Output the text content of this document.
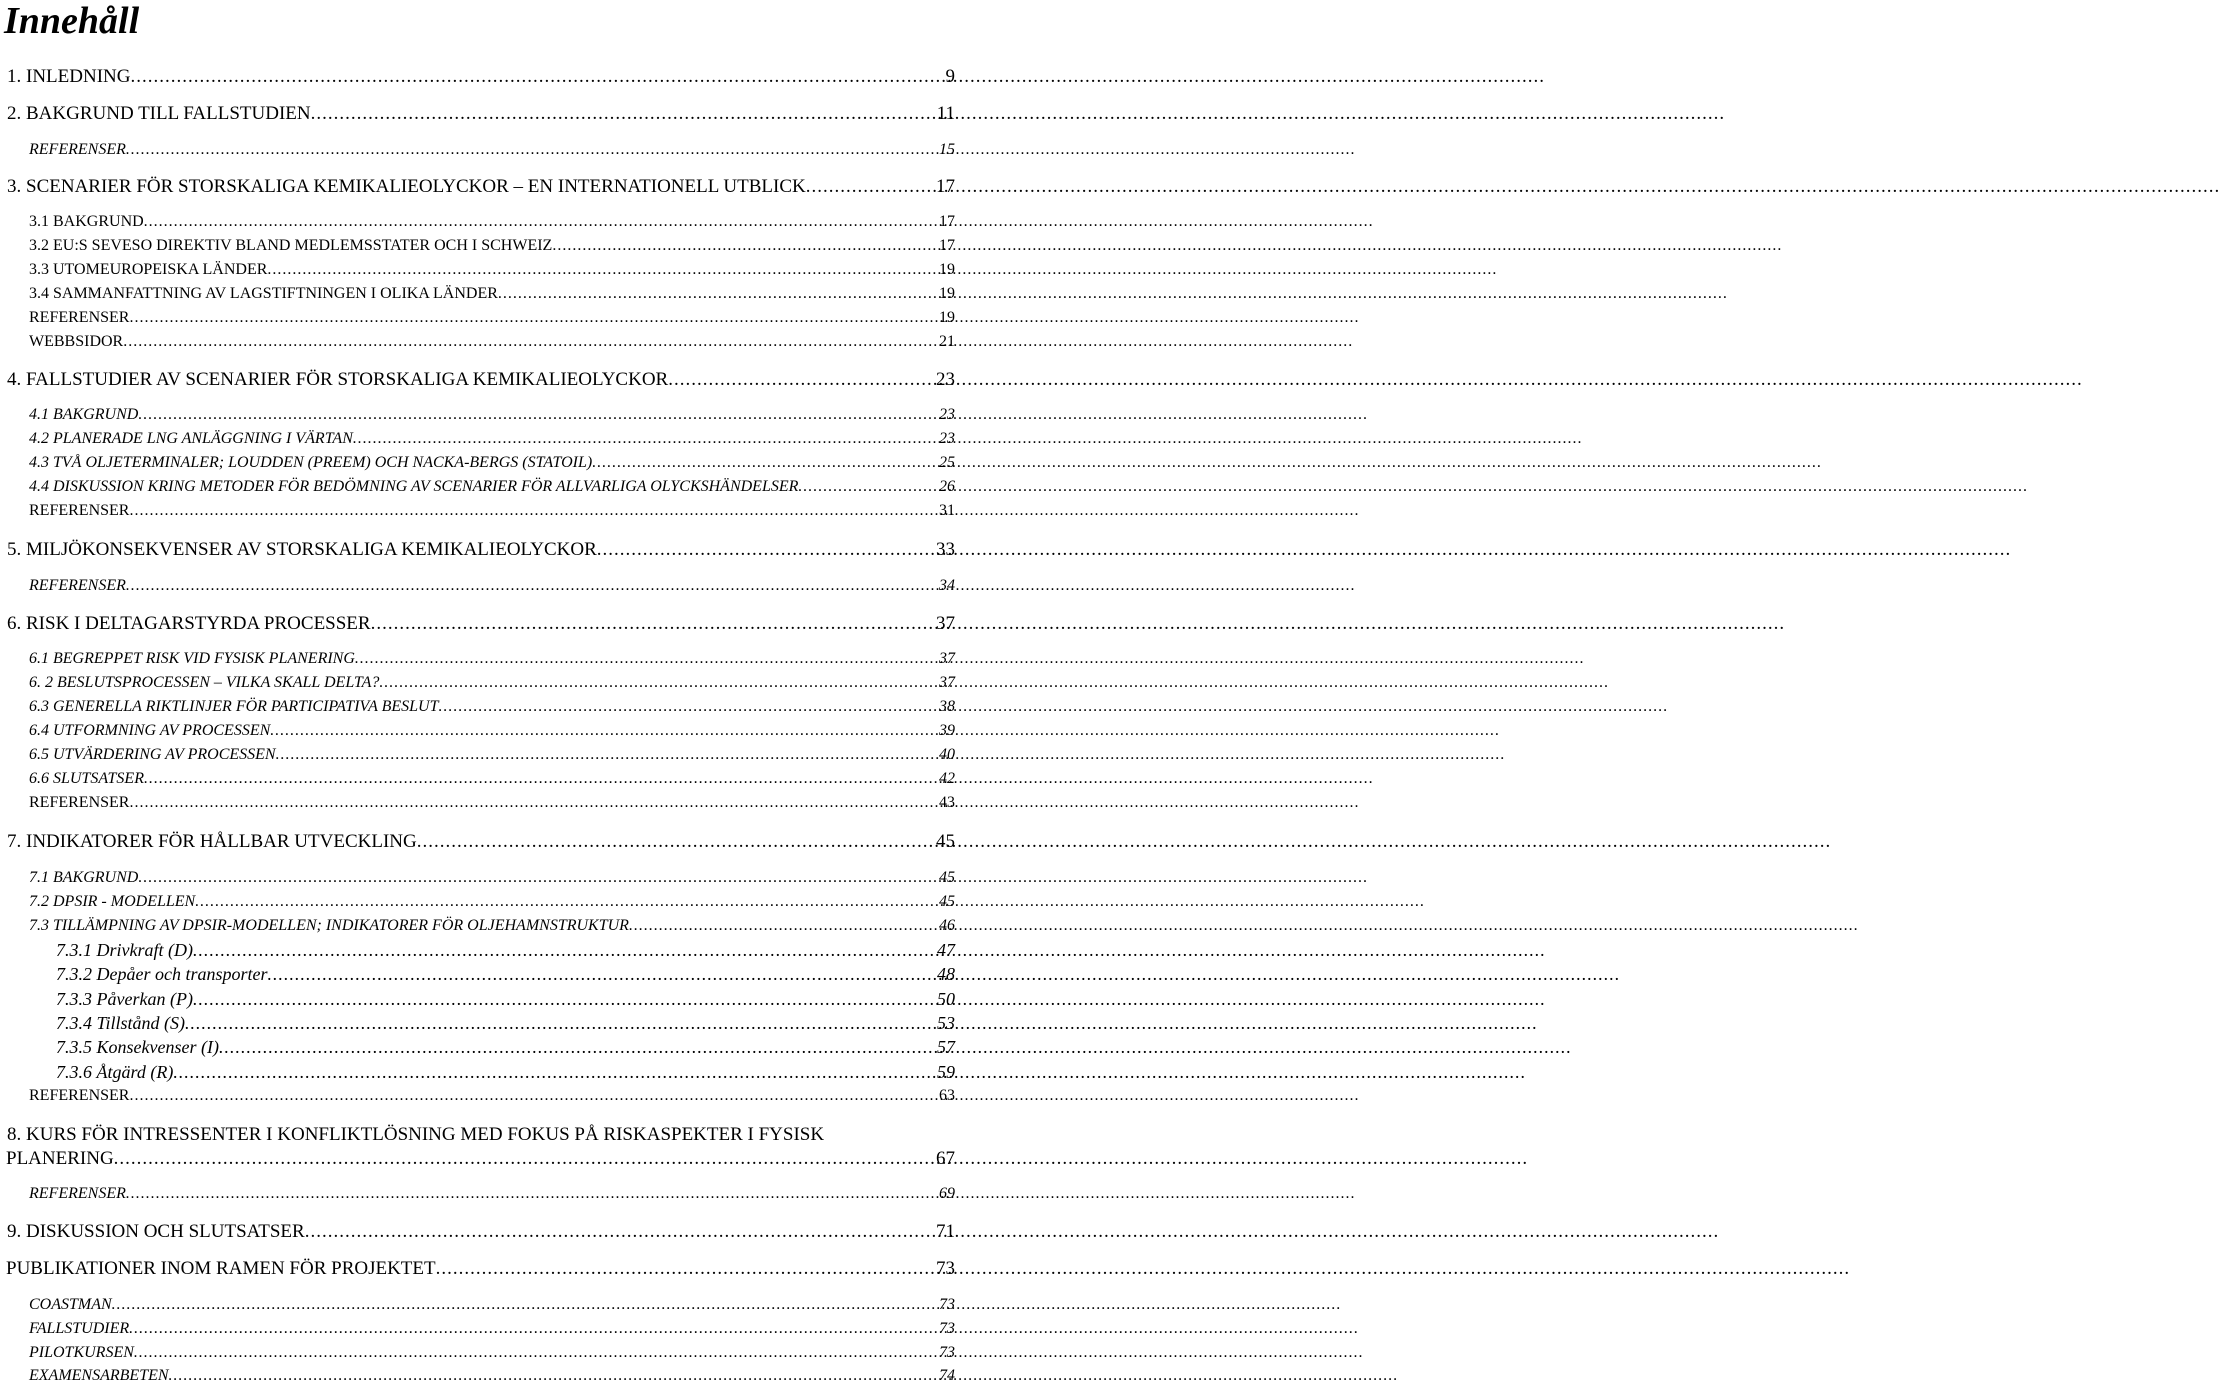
Innehåll
1. INLEDNING .....	9
2. BAKGRUND TILL FALLSTUDIEN .....	11
REFERENSER .....	15
3. SCENARIER FÖR STORSKALIGA KEMIKALIEOLYCKOR – EN INTERNATIONELL UTBLICK .....	17
3.1 BAKGRUND .....	17
3.2 EU:S SEVESO DIREKTIV BLAND MEDLEMSSTATER OCH I SCHWEIZ .....	17
3.3 UTOMEUROPEISKA LÄNDER .....	19
3.4 SAMMANFATTNING AV LAGSTIFTNINGEN I OLIKA LÄNDER .....	19
REFERENSER .....	19
WEBBSIDOR .....	21
4. FALLSTUDIER AV SCENARIER FÖR STORSKALIGA KEMIKALIEOLYCKOR .....	23
4.1 BAKGRUND .....	23
4.2 PLANERADE LNG ANLÄGGNING I VÄRTAN .....	23
4.3 TVÅ OLJETERMINALER; LOUDDEN (PREEM) OCH NACKA-BERGS (STATOIL) .....	25
4.4 DISKUSSION KRING METODER FÖR BEDÖMNING AV SCENARIER FÖR ALLVARLIGA OLYCKSHÄNDELSER .....	26
REFERENSER .....	31
5. MILJÖKONSEKVENSER AV STORSKALIGA KEMIKALIEOLYCKOR .....	33
REFERENSER .....	34
6. RISK I DELTAGARSTYRDA PROCESSER .....	37
6.1 BEGREPPET RISK VID FYSISK PLANERING .....	37
6. 2 BESLUTSPROCESSEN – VILKA SKALL DELTA? .....	37
6.3 GENERELLA RIKTLINJER FÖR PARTICIPATIVA BESLUT .....	38
6.4 UTFORMNING AV PROCESSEN .....	39
6.5 UTVÄRDERING AV PROCESSEN .....	40
6.6 SLUTSATSER .....	42
REFERENSER .....	43
7. INDIKATORER FÖR HÅLLBAR UTVECKLING .....	45
7.1 BAKGRUND .....	45
7.2 DPSIR - MODELLEN .....	45
7.3 TILLÄMPNING AV DPSIR-MODELLEN; INDIKATORER FÖR OLJEHAMNSTRUKTUR .....	46
7.3.1 Drivkraft (D) .....	47
7.3.2 Depåer och transporter .....	48
7.3.3 Påverkan (P) .....	50
7.3.4 Tillstånd (S) .....	53
7.3.5 Konsekvenser (I) .....	57
7.3.6 Åtgärd (R) .....	59
REFERENSER .....	63
8. KURS FÖR INTRESSENTER I KONFLIKTLÖSNING MED FOKUS PÅ RISKASPEKTER I FYSISK
PLANERING .....	67
REFERENSER .....	69
9. DISKUSSION OCH SLUTSATSER .....	71
PUBLIKATIONER INOM RAMEN FÖR PROJEKTET .....	73
COASTMAN .....	73
FALLSTUDIER .....	73
PILOTKURSEN .....	73
EXAMENSARBETEN .....	74
